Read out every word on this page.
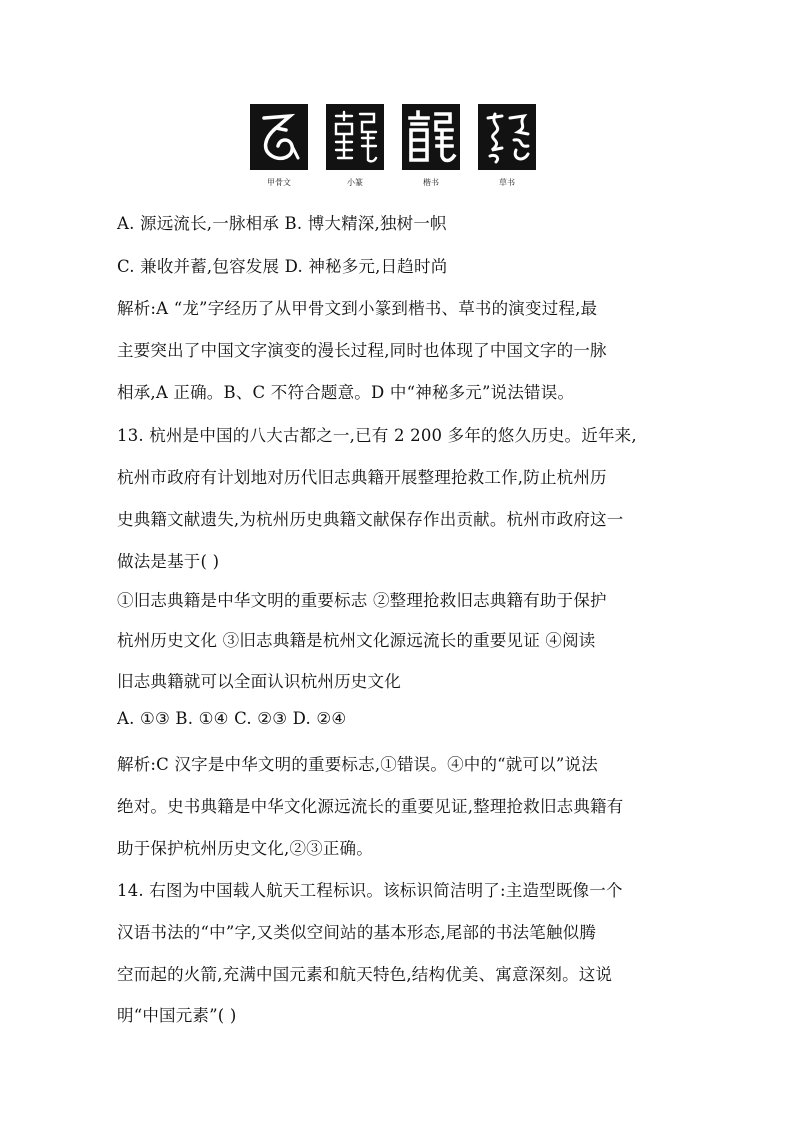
甲骨文	小篆	楷书	草书
A. 源远流长,一脉相承 B. 博大精深,独树一帜
C. 兼收并蓄,包容发展 D. 神秘多元,日趋时尚
解析:A “龙”字经历了从甲骨文到小篆到楷书、草书的演变过程,最
主要突出了中国文字演变的漫长过程,同时也体现了中国文字的一脉
相承,A 正确。B、C 不符合题意。D 中“神秘多元”说法错误。
13. 杭州是中国的八大古都之一,已有 2 200 多年的悠久历史。近年来,
杭州市政府有计划地对历代旧志典籍开展整理抢救工作,防止杭州历
史典籍文献遗失,为杭州历史典籍文献保存作出贡献。杭州市政府这一
做法是基于( )
①旧志典籍是中华文明的重要标志 ②整理抢救旧志典籍有助于保护
杭州历史文化 ③旧志典籍是杭州文化源远流长的重要见证 ④阅读
旧志典籍就可以全面认识杭州历史文化
A. ①③ B. ①④ C. ②③ D. ②④
解析:C 汉字是中华文明的重要标志,①错误。④中的“就可以”说法
绝对。史书典籍是中华文化源远流长的重要见证,整理抢救旧志典籍有
助于保护杭州历史文化,②③正确。
14. 右图为中国载人航天工程标识。该标识简洁明了:主造型既像一个
汉语书法的“中”字,又类似空间站的基本形态,尾部的书法笔触似腾
空而起的火箭,充满中国元素和航天特色,结构优美、寓意深刻。这说
明“中国元素”( )
